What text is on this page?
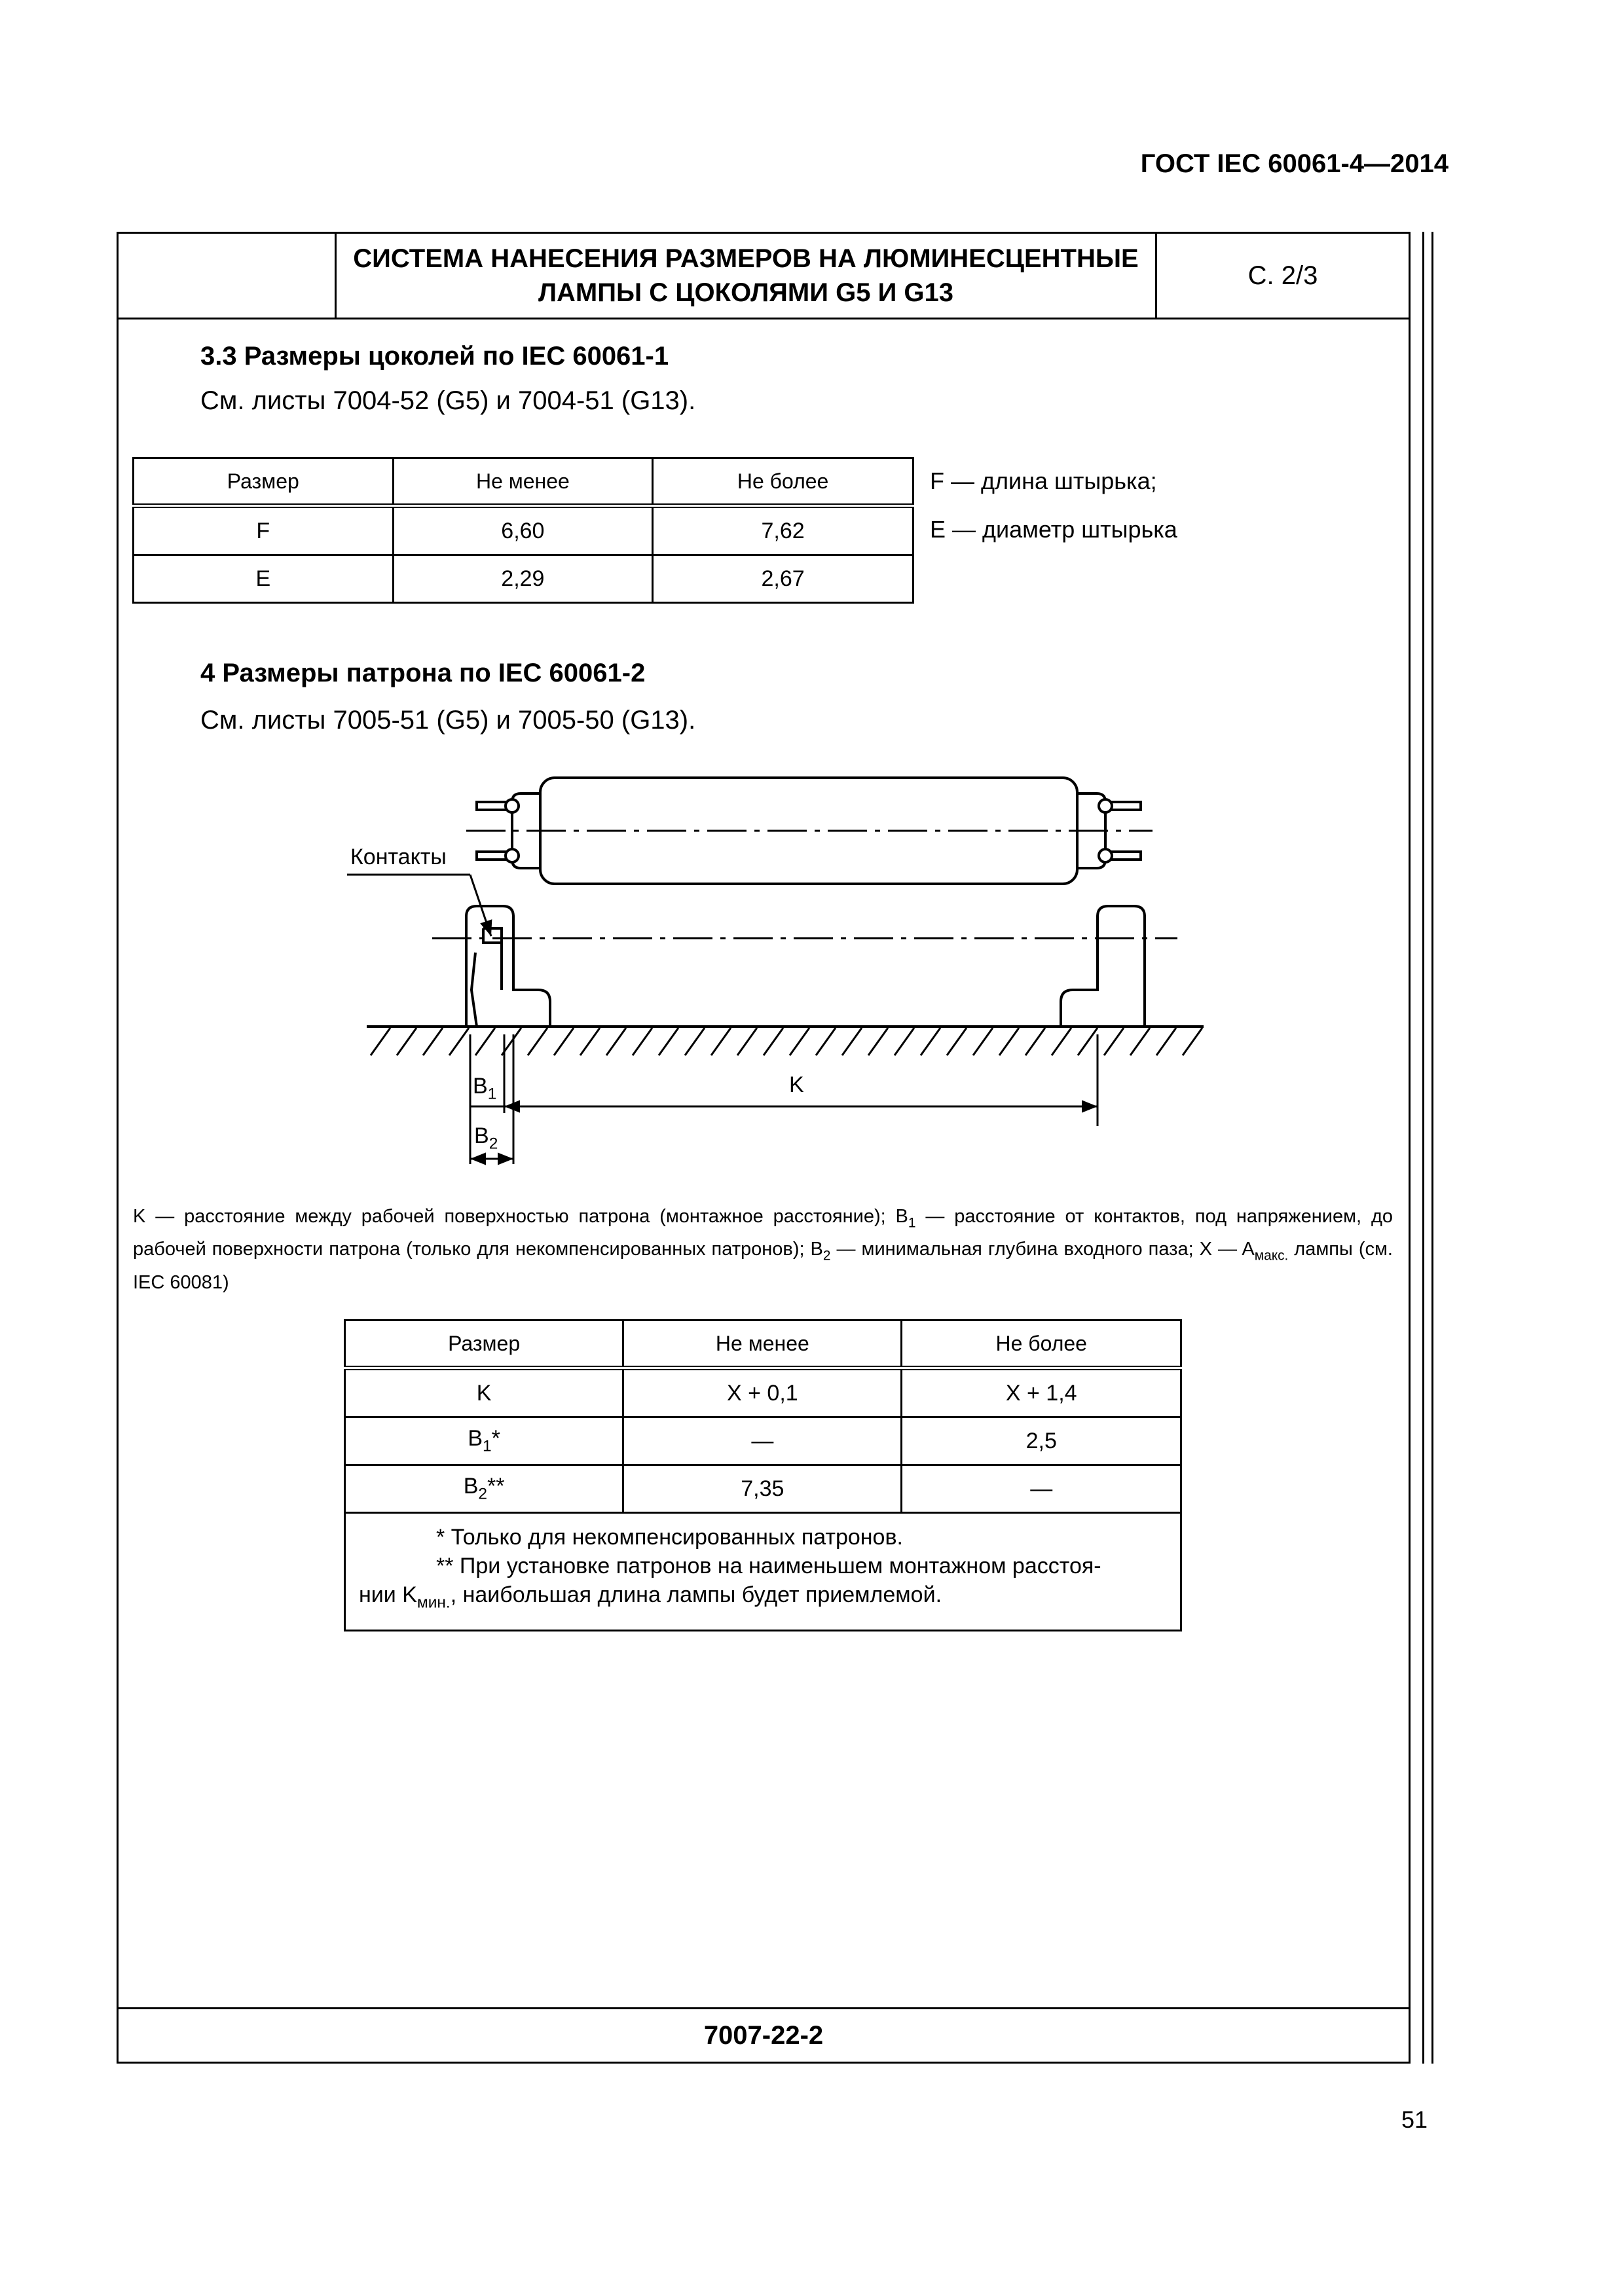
ГОСТ IEC 60061-4—2014
СИСТЕМА НАНЕСЕНИЯ РАЗМЕРОВ НА ЛЮМИНЕСЦЕНТНЫЕ ЛАМПЫ С ЦОКОЛЯМИ G5 И G13
С. 2/3
7007-22-2
3.3 Размеры цоколей по IEC 60061-1
См. листы 7004-52 (G5) и 7004-51 (G13).
Размер	Не менее	Не более
F	6,60	7,62
E	2,29	2,67
F — длина штырька;
E — диаметр штырька
4 Размеры патрона по IEC 60061-2
См. листы 7005-51 (G5) и 7005-50 (G13).
Контакты
K
$B_1$
$B_2$
K — расстояние между рабочей поверхностью патрона (монтажное расстояние); $B_1$ — расстояние от контактов, под напряжением, до рабочей поверхности патрона (только для некомпенсированных патронов); $B_2$ — минимальная глубина входного паза; X — $A_{макс.}$ лампы (см. IEC 60081)
Размер	Не менее	Не более
K	X + 0,1	X + 1,4
$B_1*$	—	2,5
$B_2**$	7,35	—

* Только для некомпенсированных патронов.
** При установке патронов на наименьшем монтажном расстоя-
нии $K_{мин.}$, наибольшая длина лампы будет приемлемой.		
51
